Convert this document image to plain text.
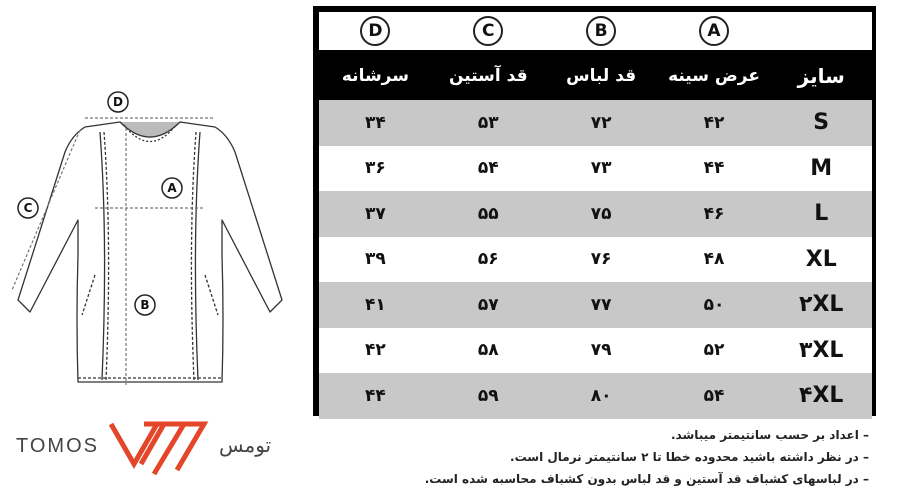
D
C
A
B
TOMOS	تومس
D	C	B	A
سرشانه	قد آستین	قد لباس	عرض سینه	سایز
۳۴	۵۳	۷۲	۴۲	S
۳۶	۵۴	۷۳	۴۴	M
۳۷	۵۵	۷۵	۴۶	L
۳۹	۵۶	۷۶	۴۸	XL
۴۱	۵۷	۷۷	۵۰	۲XL
۴۲	۵۸	۷۹	۵۲	۳XL
۴۴	۵۹	۸۰	۵۴	۴XL
– اعداد بر حسب سانتیمتر میباشد.
– در نظر داشته باشید محدوده خطا تا ۲ سانتیمتر نرمال است.
– در لباسهای کشباف قد آستین و قد لباس بدون کشباف محاسبه شده است.
